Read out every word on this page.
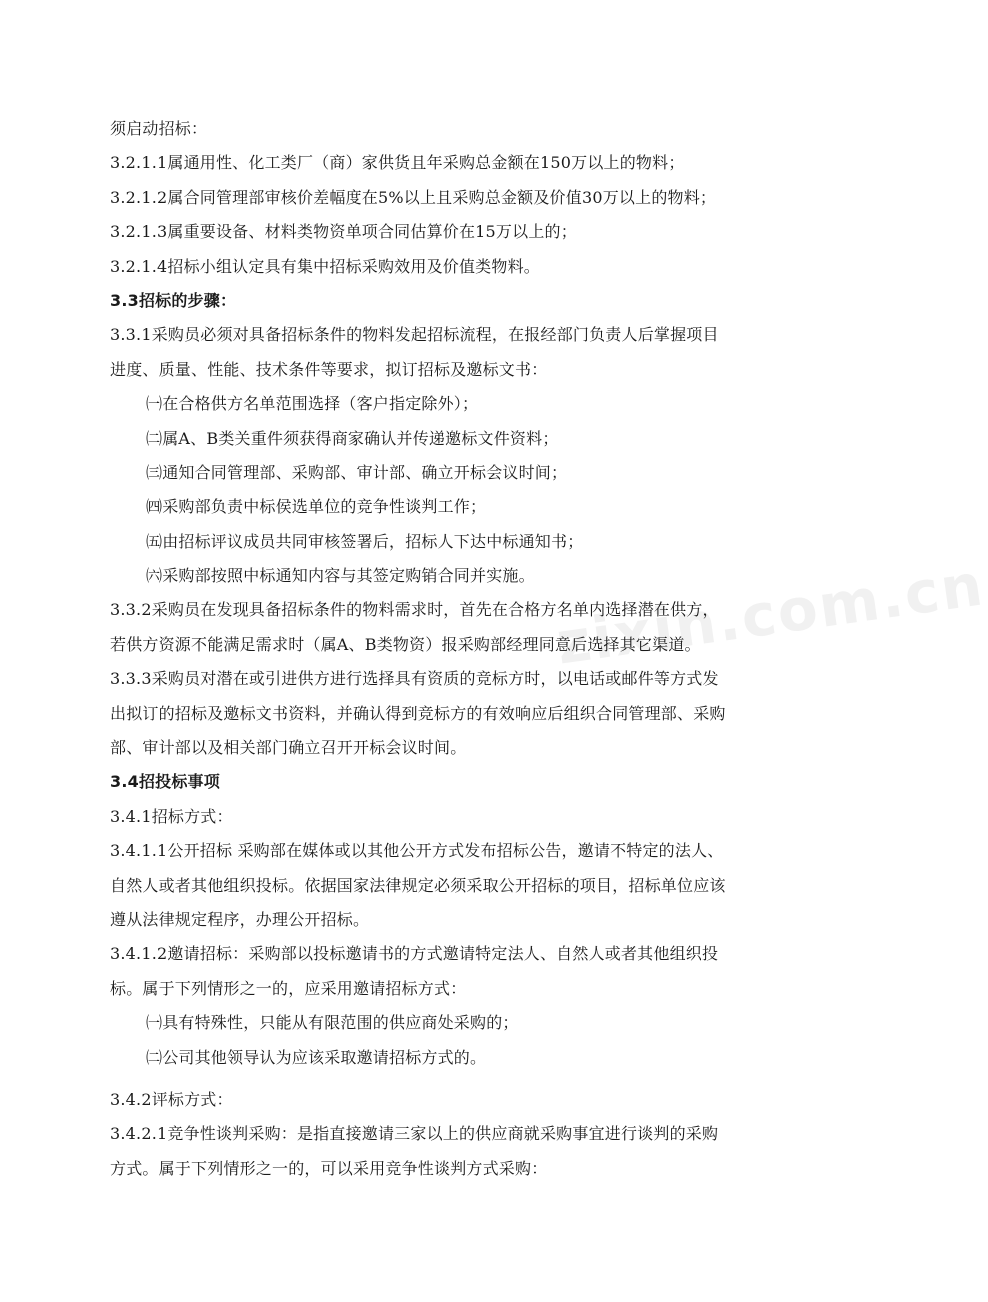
zixin.com.cn
须启动招标：
3.2.1.1属通用性、化工类厂（商）家供货且年采购总金额在150万以上的物料；
3.2.1.2属合同管理部审核价差幅度在5%以上且采购总金额及价值30万以上的物料；
3.2.1.3属重要设备、材料类物资单项合同估算价在15万以上的；
3.2.1.4招标小组认定具有集中招标采购效用及价值类物料。
3.3招标的步骤：
3.3.1采购员必须对具备招标条件的物料发起招标流程，在报经部门负责人后掌握项目
进度、质量、性能、技术条件等要求，拟订招标及邀标文书：
㈠在合格供方名单范围选择（客户指定除外）；
㈡属A、B类关重件须获得商家确认并传递邀标文件资料；
㈢通知合同管理部、采购部、审计部、确立开标会议时间；
㈣采购部负责中标侯选单位的竞争性谈判工作；
㈤由招标评议成员共同审核签署后，招标人下达中标通知书；
㈥采购部按照中标通知内容与其签定购销合同并实施。
3.3.2采购员在发现具备招标条件的物料需求时，首先在合格方名单内选择潜在供方，
若供方资源不能满足需求时（属A、B类物资）报采购部经理同意后选择其它渠道。
3.3.3采购员对潜在或引进供方进行选择具有资质的竞标方时，以电话或邮件等方式发
出拟订的招标及邀标文书资料，并确认得到竞标方的有效响应后组织合同管理部、采购
部、审计部以及相关部门确立召开开标会议时间。
3.4招投标事项
3.4.1招标方式：
3.4.1.1公开招标 采购部在媒体或以其他公开方式发布招标公告，邀请不特定的法人、
自然人或者其他组织投标。依据国家法律规定必须采取公开招标的项目，招标单位应该
遵从法律规定程序，办理公开招标。
3.4.1.2邀请招标：采购部以投标邀请书的方式邀请特定法人、自然人或者其他组织投
标。属于下列情形之一的，应采用邀请招标方式：
㈠具有特殊性，只能从有限范围的供应商处采购的；
㈡公司其他领导认为应该采取邀请招标方式的。
3.4.2评标方式：
3.4.2.1竞争性谈判采购：是指直接邀请三家以上的供应商就采购事宜进行谈判的采购
方式。属于下列情形之一的，可以采用竞争性谈判方式采购：
